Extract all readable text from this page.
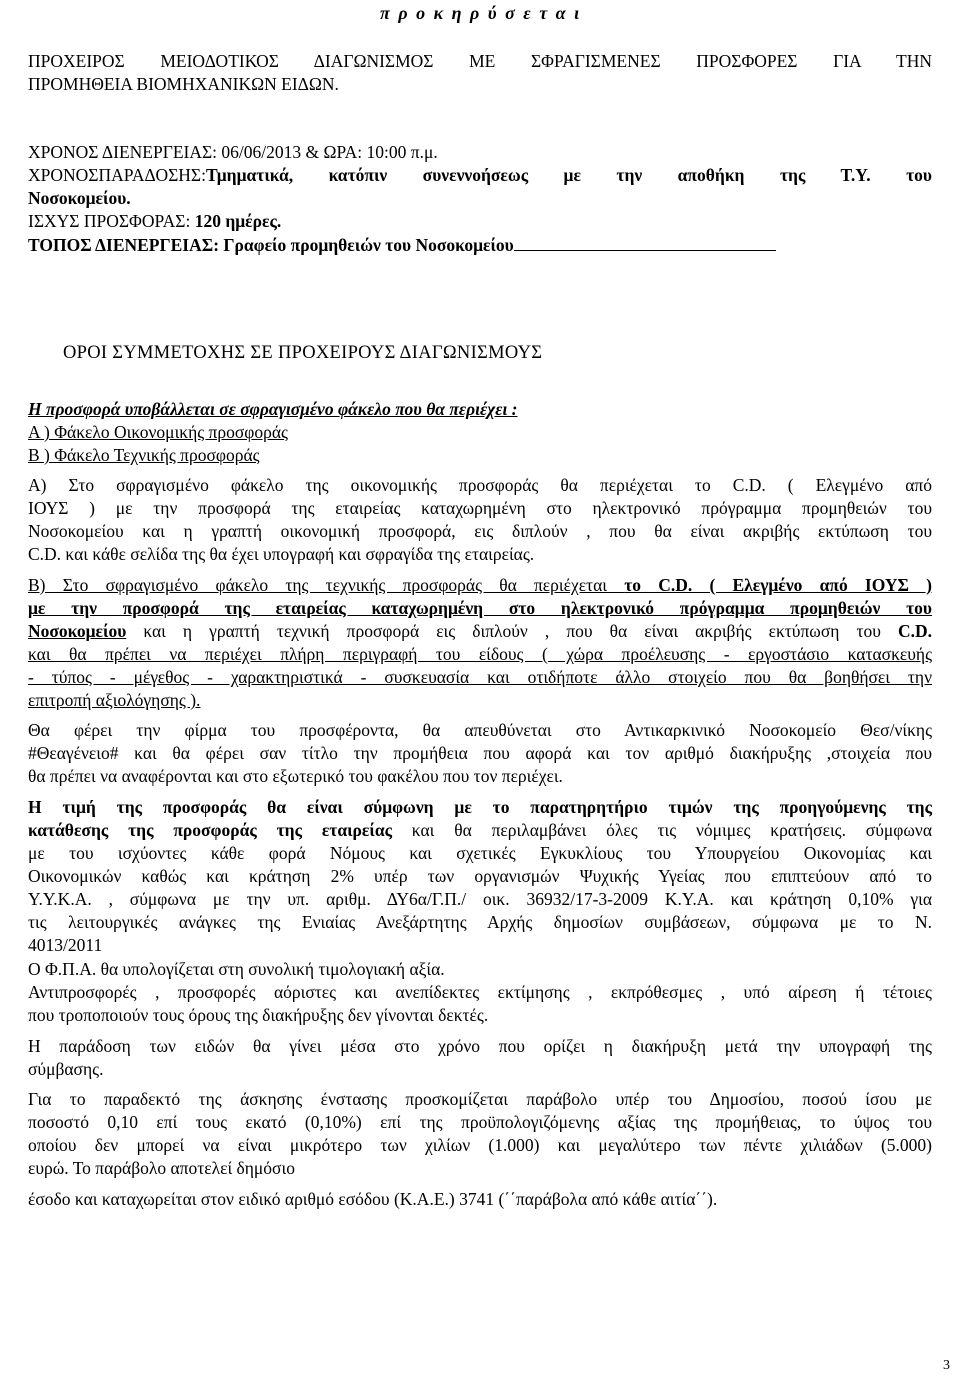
π ρ ο κ η ρ ύ σ ε τ α ι
ΠΡΟΧΕΙΡΟΣ ΜΕΙΟΔΟΤΙΚΟΣ ΔΙΑΓΩΝΙΣΜΟΣ ΜΕ ΣΦΡΑΓΙΣΜΕΝΕΣ ΠΡΟΣΦΟΡΕΣ ΓΙΑ ΤΗΝ
ΠΡΟΜΗΘΕΙΑ ΒΙΟΜΗΧΑΝΙΚΩΝ ΕΙΔΩΝ.
ΧΡΟΝΟΣ ΔΙΕΝΕΡΓΕΙΑΣ: 06/06/2013 & ΩΡΑ: 10:00 π.μ.
ΧΡΟΝΟΣΠΑΡΑΔΟΣΗΣ:Τμηματικά, κατόπιν συνεννοήσεως με την αποθήκη της Τ.Υ. του
Νοσοκομείου.
ΙΣΧΥΣ ΠΡΟΣΦΟΡΑΣ: 120 ημέρες.
ΤΟΠΟΣ ΔΙΕΝΕΡΓΕΙΑΣ: Γραφείο προμηθειών του Νοσοκομείου
ΟΡΟΙ ΣΥΜΜΕΤΟΧΗΣ ΣΕ ΠΡΟΧΕΙΡΟΥΣ ΔΙΑΓΩΝΙΣΜΟΥΣ
Η προσφορά υποβάλλεται σε σφραγισμένο φάκελο που θα περιέχει :
Α ) Φάκελο Οικονομικής προσφοράς
Β ) Φάκελο Τεχνικής προσφοράς
Α) Στο σφραγισμένο φάκελο της οικονομικής προσφοράς θα περιέχεται το C.D. ( Ελεγμένο από
ΙΟΥΣ ) με την προσφορά της εταιρείας καταχωρημένη στο ηλεκτρονικό πρόγραμμα προμηθειών του
Νοσοκομείου και η γραπτή οικονομική προσφορά, εις διπλούν , που θα είναι ακριβής εκτύπωση του
C.D. και κάθε σελίδα της θα έχει υπογραφή και σφραγίδα της εταιρείας.
Β) Στο σφραγισμένο φάκελο της τεχνικής προσφοράς θα περιέχεται το C.D. ( Ελεγμένο από ΙΟΥΣ )
με την προσφορά της εταιρείας καταχωρημένη στο ηλεκτρονικό πρόγραμμα προμηθειών του
Νοσοκομείου και η γραπτή τεχνική προσφορά εις διπλούν , που θα είναι ακριβής εκτύπωση του C.D.
και θα πρέπει να περιέχει πλήρη περιγραφή του είδους ( χώρα προέλευσης - εργοστάσιο κατασκευής
- τύπος - μέγεθος - χαρακτηριστικά - συσκευασία και οτιδήποτε άλλο στοιχείο που θα βοηθήσει την
επιτροπή αξιολόγησης ).
Θα φέρει την φίρμα του προσφέροντα, θα απευθύνεται στο Αντικαρκινικό Νοσοκομείο Θεσ/νίκης
#Θεαγένειο# και θα φέρει σαν τίτλο την προμήθεια που αφορά και τον αριθμό διακήρυξης ,στοιχεία που
θα πρέπει να αναφέρονται και στο εξωτερικό του φακέλου που τον περιέχει.
Η τιμή της προσφοράς θα είναι σύμφωνη με το παρατηρητήριο τιμών της προηγούμενης της
κατάθεσης της προσφοράς της εταιρείας και θα περιλαμβάνει όλες τις νόμιμες κρατήσεις. σύμφωνα
με του ισχύοντες κάθε φορά Νόμους και σχετικές Εγκυκλίους του Υπουργείου Οικονομίας και
Οικονομικών καθώς και κράτηση 2% υπέρ των οργανισμών Ψυχικής Υγείας που επιπτεύουν από το
Υ.Υ.Κ.Α. , σύμφωνα με την υπ. αριθμ. ΔΥ6α/Γ.Π./ οικ. 36932/17-3-2009 Κ.Υ.Α. και κράτηση 0,10% για
τις λειτουργικές ανάγκες της Ενιαίας Ανεξάρτητης Αρχής δημοσίων συμβάσεων, σύμφωνα με το Ν.
4013/2011
Ο Φ.Π.Α. θα υπολογίζεται στη συνολική τιμολογιακή αξία.
Αντιπροσφορές , προσφορές αόριστες και ανεπίδεκτες εκτίμησης , εκπρόθεσμες , υπό αίρεση ή τέτοιες
που τροποποιούν τους όρους της διακήρυξης δεν γίνονται δεκτές.
Η παράδοση των ειδών θα γίνει μέσα στο χρόνο που ορίζει η διακήρυξη μετά την υπογραφή της
σύμβασης.
Για το παραδεκτό της άσκησης ένστασης προσκομίζεται παράβολο υπέρ του Δημοσίου, ποσού ίσου με
ποσοστό 0,10 επί τους εκατό (0,10%) επί της προϋπολογιζόμενης αξίας της προμήθειας, το ύψος του
οποίου δεν μπορεί να είναι μικρότερο των χιλίων (1.000) και μεγαλύτερο των πέντε χιλιάδων (5.000)
ευρώ. Το παράβολο αποτελεί δημόσιο
έσοδο και καταχωρείται στον ειδικό αριθμό εσόδου (Κ.Α.Ε.) 3741 (΄΄παράβολα από κάθε αιτία΄΄).
3
